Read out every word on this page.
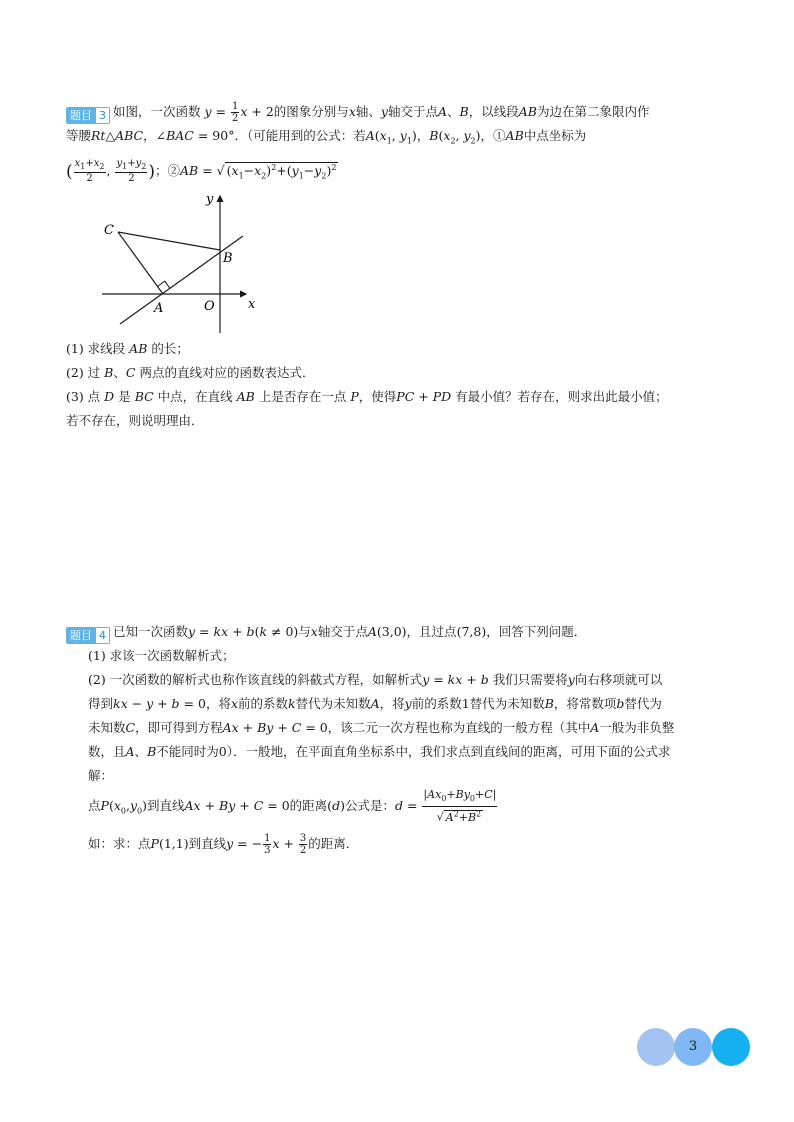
题目 3 如图，一次函数 $y = \frac{1}{2}$ x + 2的图象分别与x轴、y轴交于点A、B，以线段AB为边在第二象限内作
等腰Rt△ABC，∠BAC = 90°．（可能用到的公式：若$A(x_1$, $y_1$)，$B(x_2$, $y_2$)，①AB中点坐标为
( $\frac{x_1+x_2}{2}$ , $\frac{y_1+y_2}{2}$ )；②AB = √ $(x_1-x_2)^2+(y_1-y_2)^2$
y
x
C
B
A	O
(1) 求线段 AB 的长；
(2) 过 B、C 两点的直线对应的函数表达式．
(3) 点 D 是 BC 中点，在直线 AB 上是否存在一点 P，使得PC + PD 有最小值？若存在，则求出此最小值；
若不存在，则说明理由．
题目 4 已知一次函数y = kx + b(k ≠ 0)与x轴交于点A(3,0)，且过点(7,8)，回答下列问题．
(1) 求该一次函数解析式；
(2) 一次函数的解析式也称作该直线的斜截式方程，如解析式y = kx + b 我们只需要将y向右移项就可以
得到kx − y + b = 0，将x前的系数k替代为未知数A，将y前的系数1替代为未知数B，将常数项b替代为
未知数C，即可得到方程Ax + By + C = 0，该二元一次方程也称为直线的一般方程（其中A一般为非负整
数，且A、B不能同时为0）．一般地，在平面直角坐标系中，我们求点到直线间的距离，可用下面的公式求
解：
点$P(x_0,y_0)$到直线Ax + By + C = 0的距离(d)公式是：$d = \frac{|Ax_0+By_0+C|}{√ A^2+B^2}$
如：求：点P(1,1)到直线y = − $\frac{1}{3}$ $x + \frac{3}{2}$ 的距离．
3
